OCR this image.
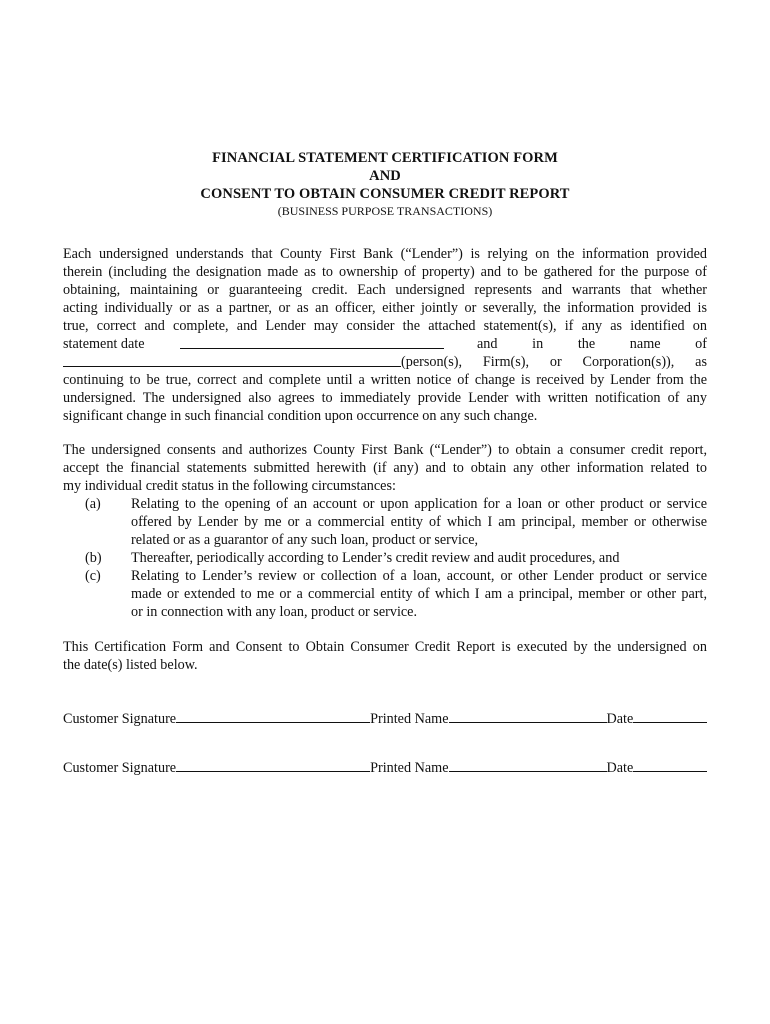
FINANCIAL STATEMENT CERTIFICATION FORM
AND
CONSENT TO OBTAIN CONSUMER CREDIT REPORT
(BUSINESS PURPOSE TRANSACTIONS)
Each undersigned understands that County First Bank (“Lender”) is relying on the information provided
therein (including the designation made as to ownership of property) and to be gathered for the purpose of
obtaining, maintaining or guaranteeing credit. Each undersigned represents and warrants that whether
acting individually or as a partner, or as an officer, either jointly or severally, the information provided is
true, correct and complete, and Lender may consider the attached statement(s), if any as identified on
statement date	and in the name of
(person(s), Firm(s), or Corporation(s)), as
continuing to be true, correct and complete until a written notice of change is received by Lender from the
undersigned. The undersigned also agrees to immediately provide Lender with written notification of any
significant change in such financial condition upon occurrence on any such change.
The undersigned consents and authorizes County First Bank (“Lender”) to obtain a consumer credit report,
accept the financial statements submitted herewith (if any) and to obtain any other information related to
my individual credit status in the following circumstances:
(a) Relating to the opening of an account or upon application for a loan or other product or service
offered by Lender by me or a commercial entity of which I am principal, member or otherwise
related or as a guarantor of any such loan, product or service,
(b) Thereafter, periodically according to Lender’s credit review and audit procedures, and
(c) Relating to Lender’s review or collection of a loan, account, or other Lender product or service
made or extended to me or a commercial entity of which I am a principal, member or other part,
or in connection with any loan, product or service.
This Certification Form and Consent to Obtain Consumer Credit Report is executed by the undersigned on
the date(s) listed below.
Customer Signature	Printed Name	Date
Customer Signature	Printed Name	Date
